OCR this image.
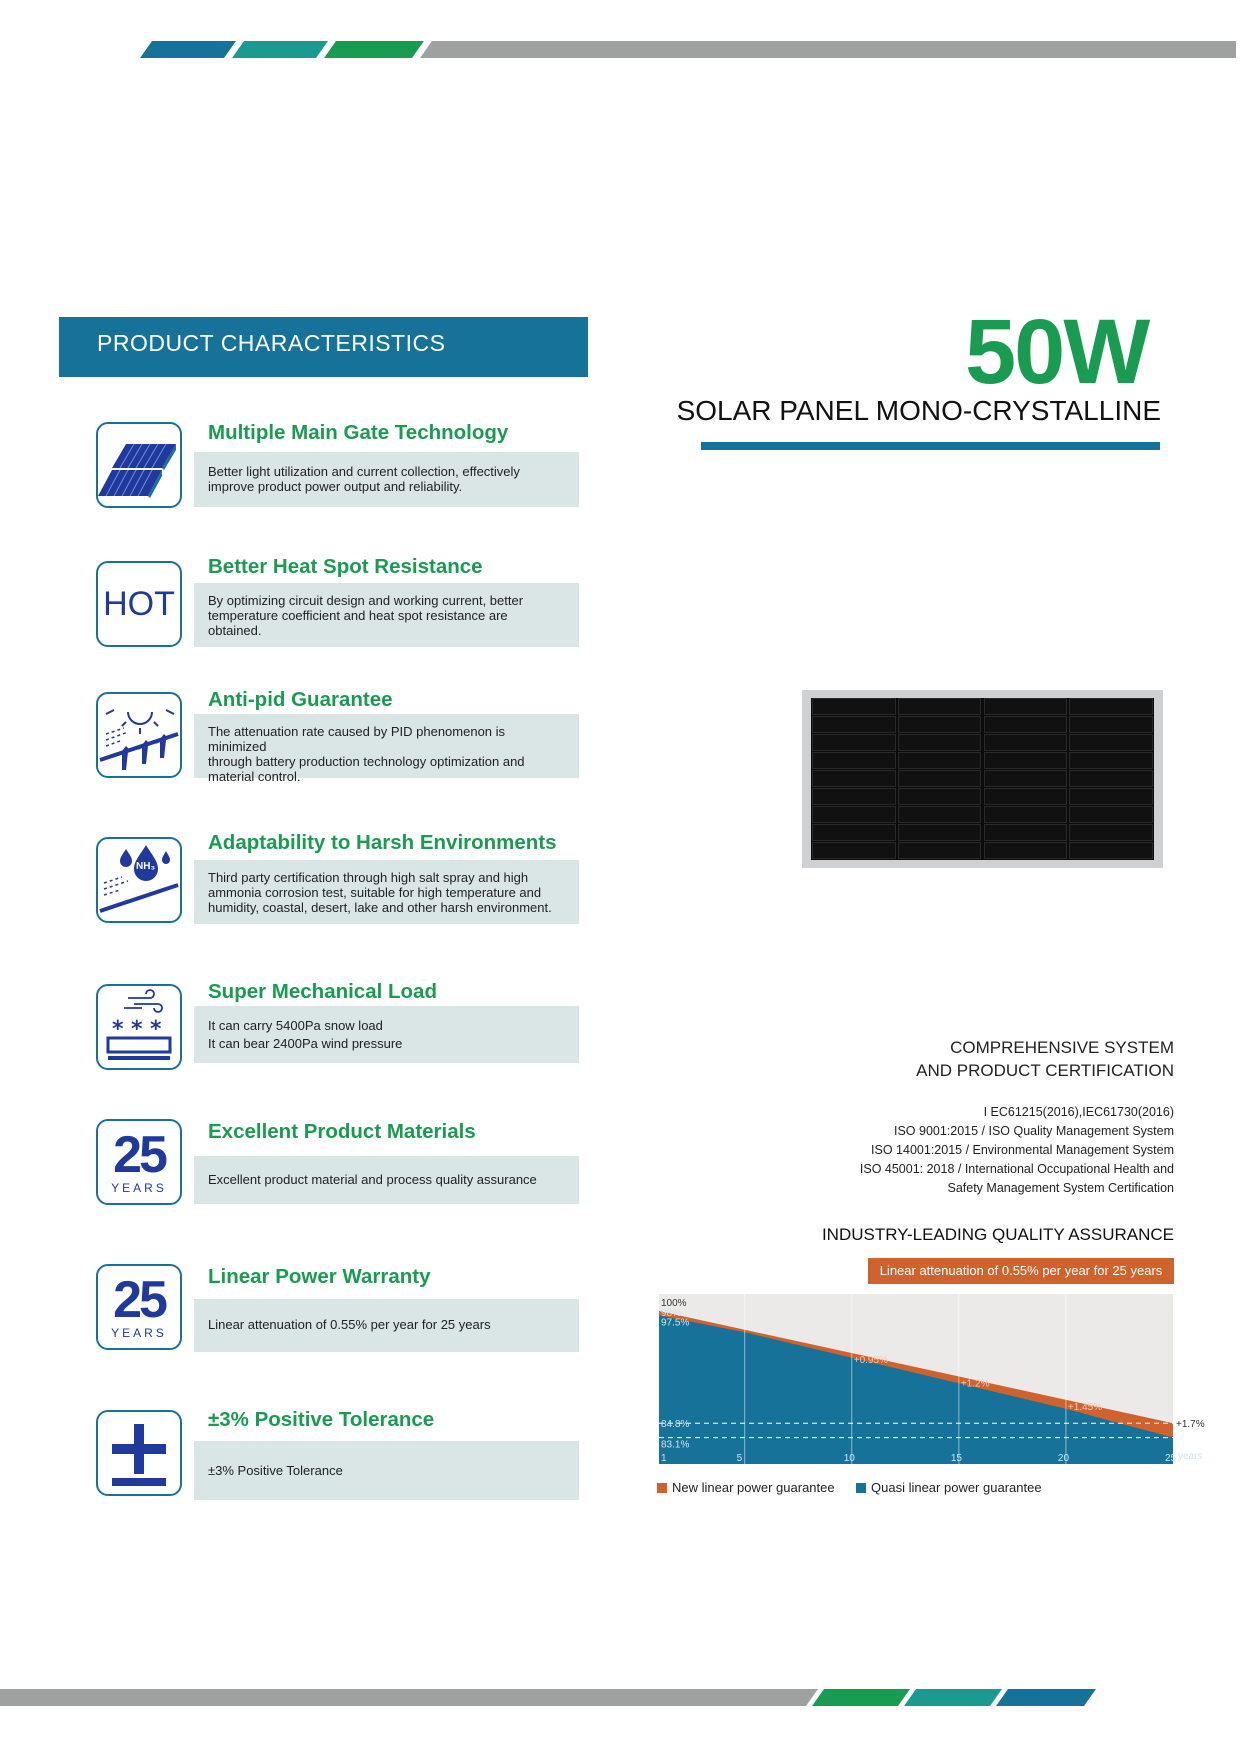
PRODUCT CHARACTERISTICS
Multiple Main Gate Technology
Better light utilization and current collection, effectively
improve product power output and reliability.
HOT
Better Heat Spot Resistance
By optimizing circuit design and working current, better
temperature coefficient and heat spot resistance are
obtained.
Anti-pid Guarantee
The attenuation rate caused by PID phenomenon is minimized
through battery production technology optimization and
material control.
NH₃
Adaptability to Harsh Environments
Third party certification through high salt spray and high
ammonia corrosion test, suitable for high temperature and
humidity, coastal, desert, lake and other harsh environment.
* * *
Super Mechanical Load
It can carry 5400Pa snow load
It can bear 2400Pa wind pressure
25
YEARS
Excellent Product Materials
Excellent product material and process quality assurance
25
YEARS
Linear Power Warranty
Linear attenuation of 0.55% per year for 25 years
±3% Positive Tolerance
±3% Positive Tolerance
50W
SOLAR PANEL MONO-CRYSTALLINE
COMPREHENSIVE SYSTEM
AND PRODUCT CERTIFICATION
I EC61215(2016),IEC61730(2016)
ISO 9001:2015 / ISO Quality Management System
ISO 14001:2015 / Environmental Management System
ISO 45001: 2018 / International Occupational Health and
Safety Management System Certification
INDUSTRY-LEADING QUALITY ASSURANCE
Linear attenuation of 0.55% per year for 25 years
100%
98%
97.5%
84.8%
83.1%
1	5	10	15	20	25 years
+0.95%
+1.2%
+1.45%
+1.7%
New linear power guarantee	Quasi linear power guarantee
